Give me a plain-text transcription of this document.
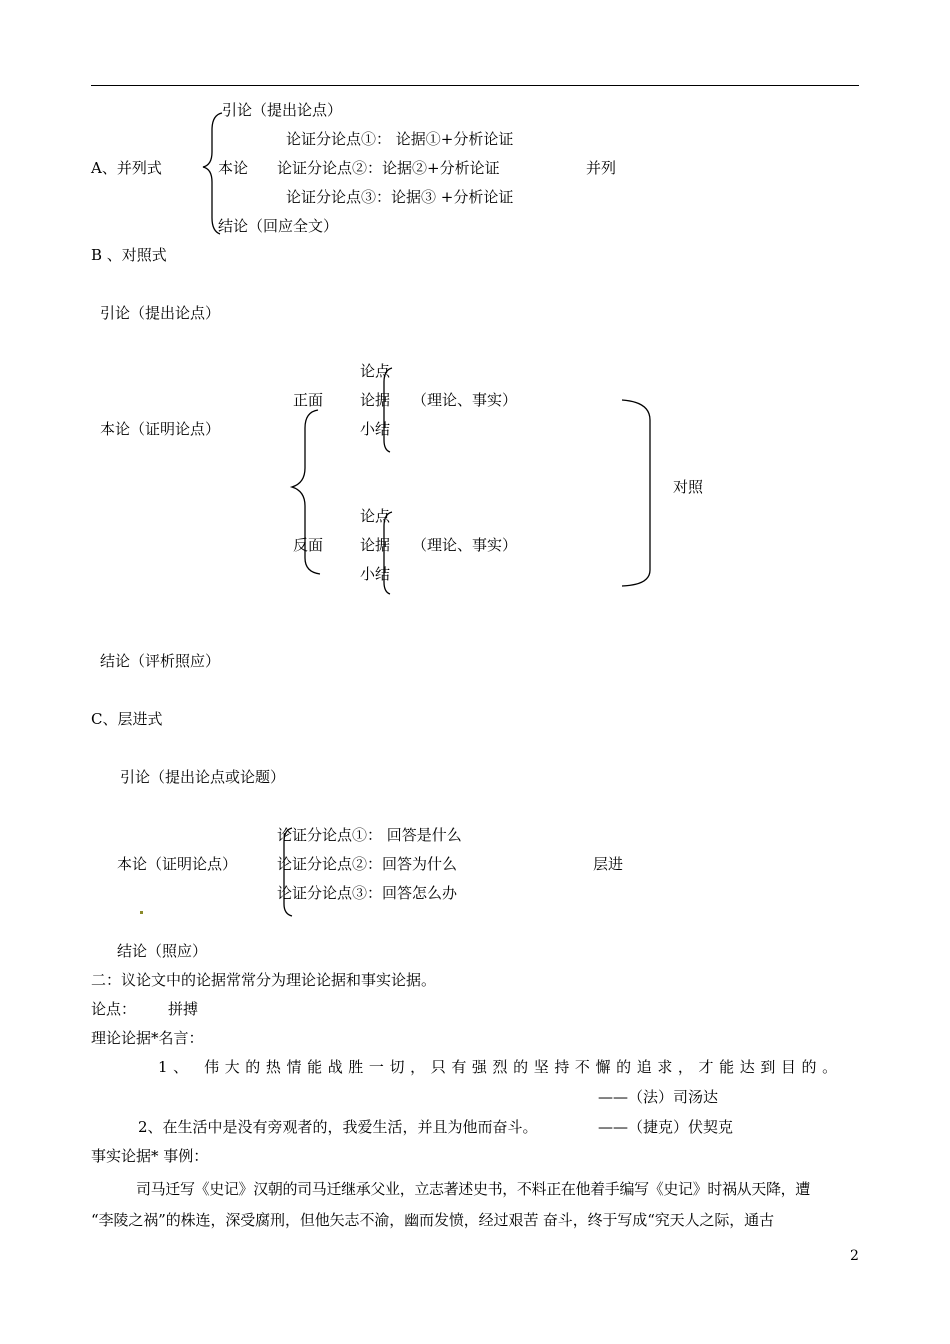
引论（提出论点）
论证分论点①： 论据①+分析论证
A、并列式	本论 论证分论点②：论据②+分析论证	并列
论证分论点③：论据③ +分析论证
结论（回应全文）
B 、对照式
引论（提出论点）
论点
正面 论据 （理论、事实）
本论（证明论点）	小结
对照
论点
反面 论据 （理论、事实）
小结
结论（评析照应）
C、层进式
引论（提出论点或论题）
论证分论点①： 回答是什么
本论（证明论点）	论证分论点②：回答为什么	层进
论证分论点③：回答怎么办
结论（照应）
二：议论文中的论据常常分为理论论据和事实论据。
论点： 拼搏
理论论据*名言：
1、 伟大的热情能战胜一切，只有强烈的坚持不懈的追求，才能达到目的。
——（法）司汤达
2、在生活中是没有旁观者的，我爱生活，并且为他而奋斗。	——（捷克）伏契克
事实论据* 事例：
司马迁写《史记》汉朝的司马迁继承父业，立志著述史书，不料正在他着手编写《史记》时祸从天降，遭
“李陵之祸”的株连，深受腐刑，但他矢志不渝，幽而发愤，经过艰苦 奋斗，终于写成“究天人之际，通古
2
